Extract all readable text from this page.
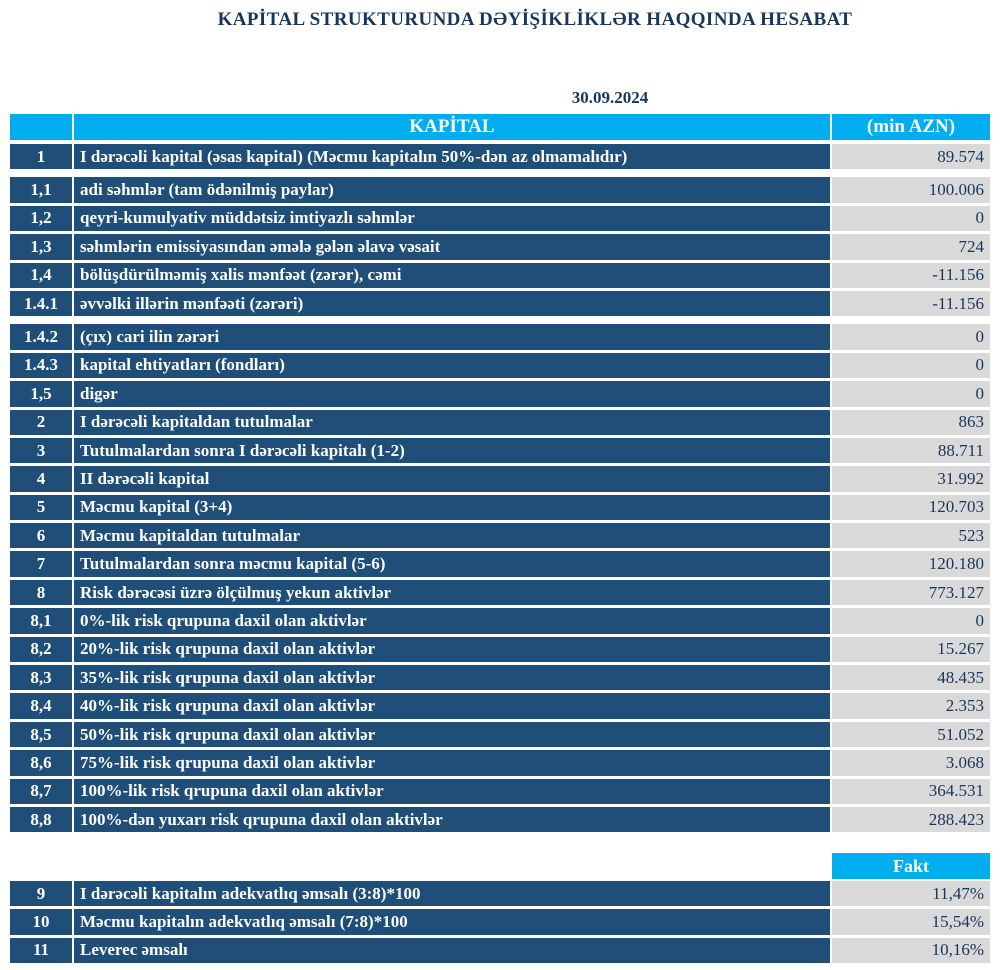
KAPİTAL STRUKTURUNDA DƏYİŞİKLİKLƏR HAQQINDA HESABAT
30.09.2024
KAPİTAL	(min AZN)
1	I dərəcəli kapital (əsas kapital) (Məcmu kapitalın 50%-dən az olmamalıdır)	89.574
1,1	adi səhmlər (tam ödənilmiş paylar)	100.006
1,2	qeyri-kumulyativ müddətsiz imtiyazlı səhmlər	0
1,3	səhmlərin emissiyasından əmələ gələn əlavə vəsait	724
1,4	bölüşdürülməmiş xalis mənfəət (zərər), cəmi	-11.156
1.4.1	əvvəlki illərin mənfəəti (zərəri)	-11.156
1.4.2	(çıx) cari ilin zərəri	0
1.4.3	kapital ehtiyatları (fondları)	0
1,5	digər	0
2	I dərəcəli kapitaldan tutulmalar	863
3	Tutulmalardan sonra I dərəcəli kapitalı (1-2)	88.711
4	II dərəcəli kapital	31.992
5	Məcmu kapital (3+4)	120.703
6	Məcmu kapitaldan tutulmalar	523
7	Tutulmalardan sonra məcmu kapital (5-6)	120.180
8	Risk dərəcəsi üzrə ölçülmuş yekun aktivlər	773.127
8,1	0%-lik risk qrupuna daxil olan aktivlər	0
8,2	20%-lik risk qrupuna daxil olan aktivlər	15.267
8,3	35%-lik risk qrupuna daxil olan aktivlər	48.435
8,4	40%-lik risk qrupuna daxil olan aktivlər	2.353
8,5	50%-lik risk qrupuna daxil olan aktivlər	51.052
8,6	75%-lik risk qrupuna daxil olan aktivlər	3.068
8,7	100%-lik risk qrupuna daxil olan aktivlər	364.531
8,8	100%-dən yuxarı risk qrupuna daxil olan aktivlər	288.423
Fakt
9	I dərəcəli kapitalın adekvatlıq əmsalı (3:8)*100	11,47%
10	Məcmu kapitalın adekvatlıq əmsalı (7:8)*100	15,54%
11	Leverec əmsalı	10,16%
